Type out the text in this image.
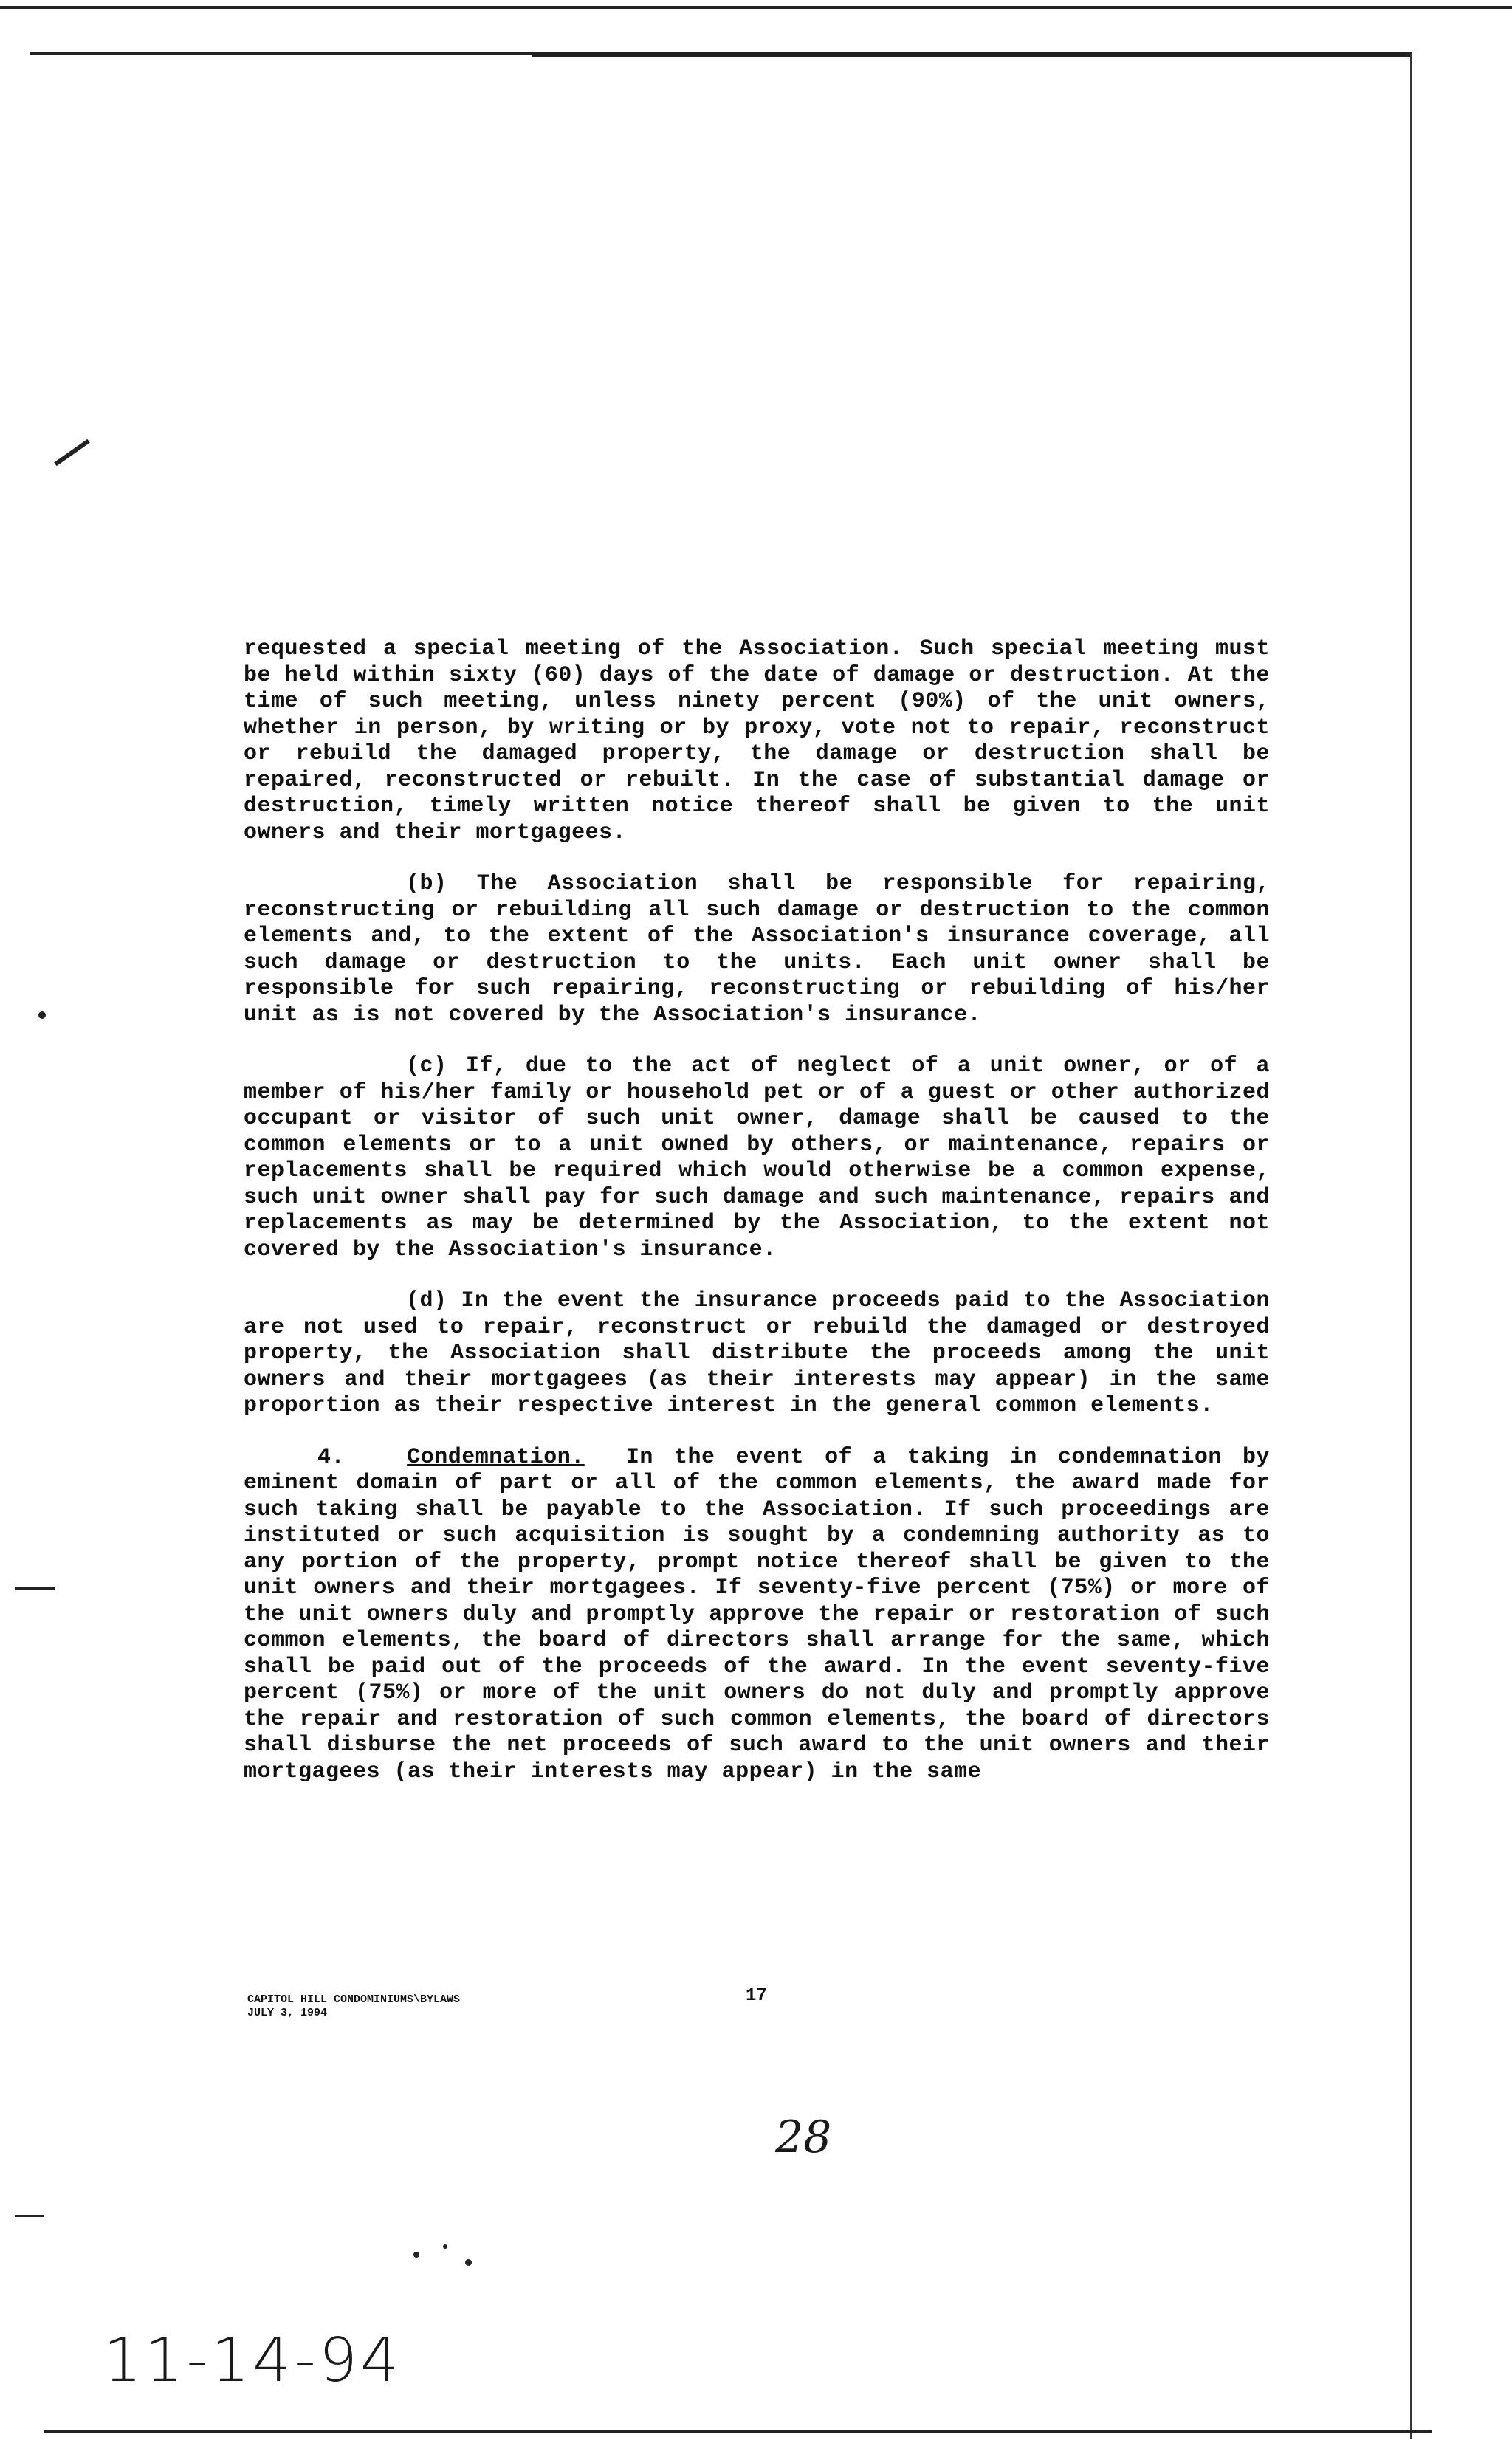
requested a special meeting of the Association. Such special meeting must be held within sixty (60) days of the date of damage or destruction. At the time of such meeting, unless ninety percent (90%) of the unit owners, whether in person, by writing or by proxy, vote not to repair, reconstruct or rebuild the damaged property, the damage or destruction shall be repaired, reconstructed or rebuilt. In the case of substantial damage or destruction, timely written notice thereof shall be given to the unit owners and their mortgagees.

(b) The Association shall be responsible for repairing, reconstructing or rebuilding all such damage or destruction to the common elements and, to the extent of the Association's insurance coverage, all such damage or destruction to the units. Each unit owner shall be responsible for such repairing, reconstructing or rebuilding of his/her unit as is not covered by the Association's insurance.

(c) If, due to the act of neglect of a unit owner, or of a member of his/her family or household pet or of a guest or other authorized occupant or visitor of such unit owner, damage shall be caused to the common elements or to a unit owned by others, or maintenance, repairs or replacements shall be required which would otherwise be a common expense, such unit owner shall pay for such damage and such maintenance, repairs and replacements as may be determined by the Association, to the extent not covered by the Association's insurance.

(d) In the event the insurance proceeds paid to the Association are not used to repair, reconstruct or rebuild the damaged or destroyed property, the Association shall distribute the proceeds among the unit owners and their mortgagees (as their interests may appear) in the same proportion as their respective interest in the general common elements.

4.	Condemnation. In the event of a taking in condemnation by eminent domain of part or all of the common elements, the award made for such taking shall be payable to the Association. If such proceedings are instituted or such acquisition is sought by a condemning authority as to any portion of the property, prompt notice thereof shall be given to the unit owners and their mortgagees. If seventy-five percent (75%) or more of the unit owners duly and promptly approve the repair or restoration of such common elements, the board of directors shall arrange for the same, which shall be paid out of the proceeds of the award. In the event seventy-five percent (75%) or more of the unit owners do not duly and promptly approve the repair and restoration of such common elements, the board of directors shall disburse the net proceeds of such award to the unit owners and their mortgagees (as their interests may appear) in the same

CAPITOL HILL CONDOMINIUMS\BYLAWS
JULY 3, 1994
17
28
11-14-94
